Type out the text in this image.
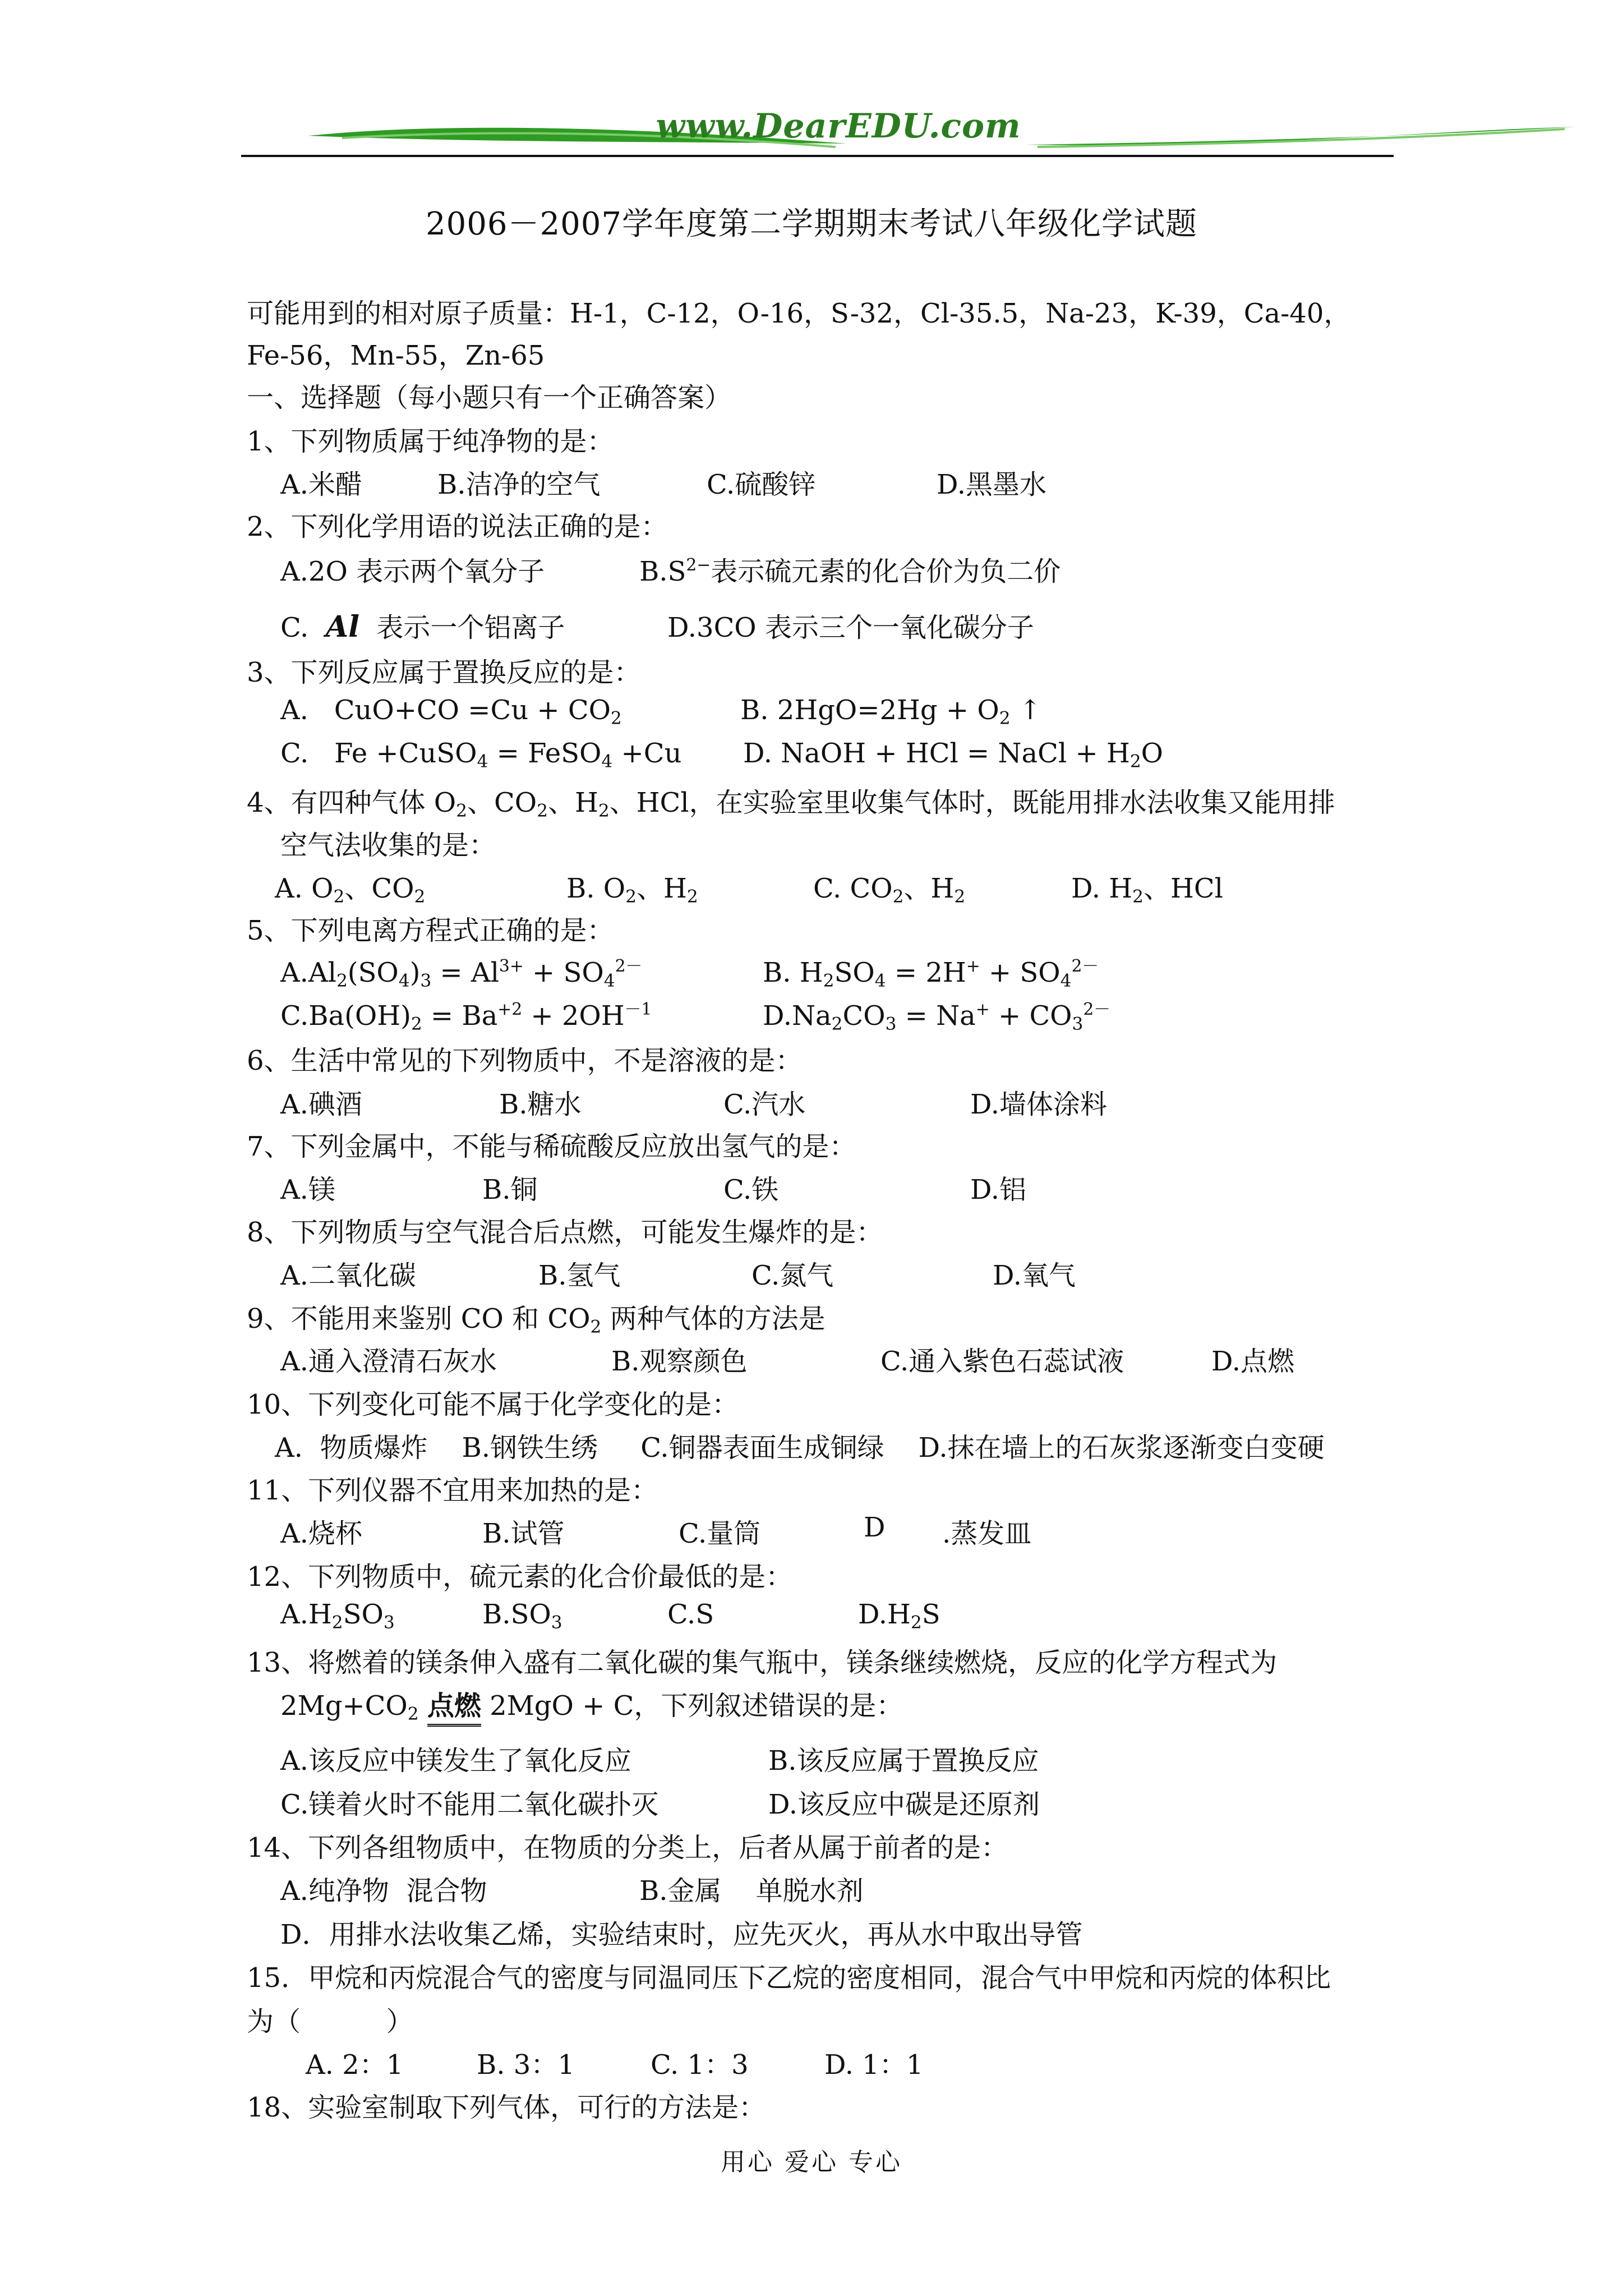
www.DearEDU.com
2006－2007学年度第二学期期末考试八年级化学试题
可能用到的相对原子质量：H-1，C-12，O-16，S-32，Cl-35.5，Na-23，K-39，Ca-40，
Fe-56，Mn-55，Zn-65
一、选择题（每小题只有一个正确答案）
1、下列物质属于纯净物的是：
A.米醋	B.洁净的空气	C.硫酸锌	D.黑墨水
2、下列化学用语的说法正确的是：
A.2O 表示两个氧分子	$B.S^{2-}$表示硫元素的化合价为负二价
C. Al 表示一个铝离子	D.3CO 表示三个一氧化碳分子
3、下列反应属于置换反应的是：
A. $CuO+CO =Cu + CO_2$	B. $2HgO=2Hg + O_2$ ↑
C. Fe +CuSO$_4$ = FeSO$_4$ +Cu D. NaOH + HCl = NaCl + $H_2O$
4、有四种气体 $O_2$、$CO_2$、$H_2$、HCl，在实验室里收集气体时，既能用排水法收集又能用排
空气法收集的是：
A. $O_2$、$CO_2$	B. $O_2$、$H_2$	C. $CO_2$、$H_2$	D. $H_2$、HCl
5、下列电离方程式正确的是：
$A.Al_2(SO_4)_3 = Al^{3+} + SO_4^{2-}$	B. $H_2SO_4 = 2H^+ + SO_4^{2-}$
$C.Ba(OH)_2 = Ba^{+2} + 2OH^{-1}$	$D.Na_2CO_3 = Na^+ + CO_3^{2-}$
6、生活中常见的下列物质中，不是溶液的是：
A.碘酒	B.糖水	C.汽水	D.墙体涂料
7、下列金属中，不能与稀硫酸反应放出氢气的是：
A.镁	B.铜	C.铁	D.铝
8、下列物质与空气混合后点燃，可能发生爆炸的是：
A.二氧化碳	B.氢气	C.氮气	D.氧气
9、不能用来鉴别 CO 和 $CO_2$ 两种气体的方法是
A.通入澄清石灰水	B.观察颜色	C.通入紫色石蕊试液	D.点燃
10、下列变化可能不属于化学变化的是：
A.  物质爆炸    B.钢铁生绣     C.铜器表面生成铜绿    D.抹在墙上的石灰浆逐渐变白变硬
11、下列仪器不宜用来加热的是：
A.烧杯	B.试管	C.量筒	D .蒸发皿
12、下列物质中，硫元素的化合价最低的是：
$A.H_2SO_3$	$B.SO_3$	C.S	$D.H_2S$
13、将燃着的镁条伸入盛有二氧化碳的集气瓶中，镁条继续燃烧，反应的化学方程式为
$2Mg+CO_2$ 点燃 2MgO + C，下列叙述错误的是：
A.该反应中镁发生了氧化反应	B.该反应属于置换反应
C.镁着火时不能用二氧化碳扑灭	D.该反应中碳是还原剂
14、下列各组物质中，在物质的分类上，后者从属于前者的是：
A.纯净物  混合物	B.金属    单脱水剂
D．用排水法收集乙烯，实验结束时，应先灭火，再从水中取出导管
15．甲烷和丙烷混合气的密度与同温同压下乙烷的密度相同，混合气中甲烷和丙烷的体积比
为（          ）
A. 2：1	B. 3：1	C. 1：3	D. 1：1
18、实验室制取下列气体，可行的方法是：
用心 爱心 专心
